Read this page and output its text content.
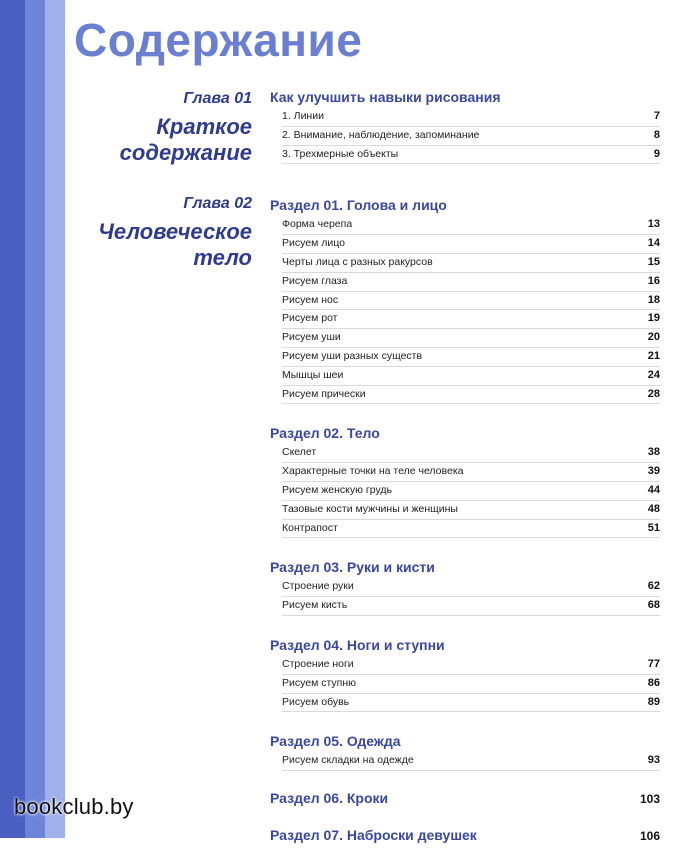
Содержание
Глава 01
Краткое
содержание
Глава 02
Человеческое
тело
Как улучшить навыки рисования
1. Линии	7
2. Внимание, наблюдение, запоминание	8
3. Трехмерные объекты	9
Раздел 01. Голова и лицо
Форма черепа	13
Рисуем лицо	14
Черты лица с разных ракурсов	15
Рисуем глаза	16
Рисуем нос	18
Рисуем рот	19
Рисуем уши	20
Рисуем уши разных существ	21
Мышцы шеи	24
Рисуем прически	28
Раздел 02. Тело
Скелет	38
Характерные точки на теле человека	39
Рисуем женскую грудь	44
Тазовые кости мужчины и женщины	48
Контрапост	51
Раздел 03. Руки и кисти
Строение руки	62
Рисуем кисть	68
Раздел 04. Ноги и ступни
Строение ноги	77
Рисуем ступню	86
Рисуем обувь	89
Раздел 05. Одежда
Рисуем складки на одежде	93
Раздел 06. Кроки	103
Раздел 07. Наброски девушек	106
bookclub.by
